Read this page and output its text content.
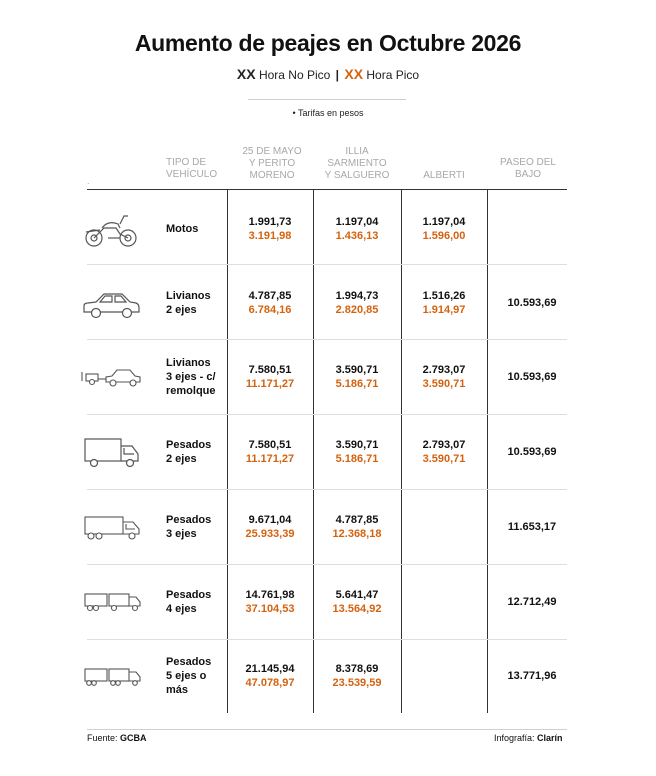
Aumento de peajes en Octubre 2026
XX Hora No Pico | XX Hora Pico
• Tarifas en pesos
TIPO DE
VEHÍCULO
25 DE MAYO
Y PERITO
MORENO
ILLIA
SARMIENTO
Y SALGUERO	ALBERTI
PASEO DEL
BAJO
.
Motos
1.991,73
3.191,98
1.197,04
1.436,13
1.197,04
1.596,00
Livianos
2 ejes
4.787,85
6.784,16
1.994,73
2.820,85
1.516,26
1.914,97
10.593,69
Livianos
3 ejes - c/
remolque
7.580,51
11.171,27
3.590,71
5.186,71
2.793,07
3.590,71
10.593,69
Pesados
2 ejes
7.580,51
11.171,27
3.590,71
5.186,71
2.793,07
3.590,71
10.593,69
Pesados
3 ejes
9.671,04
25.933,39
4.787,85
12.368,18
11.653,17
Pesados
4 ejes
14.761,98
37.104,53
5.641,47
13.564,92
12.712,49
Pesados
5 ejes o
más
21.145,94
47.078,97
8.378,69
23.539,59
13.771,96
Fuente: GCBA	Infografía: Clarín
